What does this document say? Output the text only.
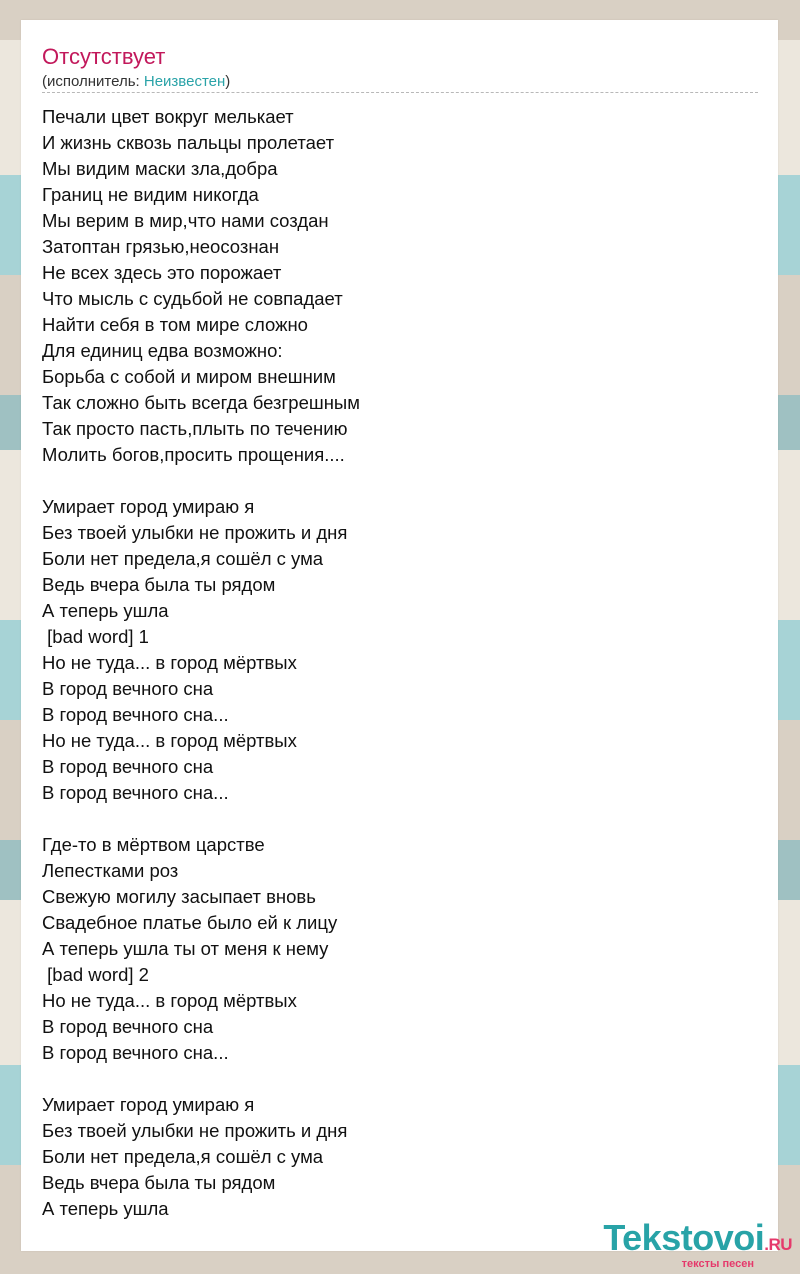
Отсутствует
(исполнитель: Неизвестен)
Печали цвет вокруг мелькает
И жизнь сквозь пальцы пролетает
Мы видим маски зла,добра
Границ не видим никогда
Мы верим в мир,что нами создан
Затоптан грязью,неосознан
Не всех здесь это порожает
Что мысль с судьбой не совпадает
Найти себя в том мире сложно
Для единиц едва возможно:
Борьба с собой и миром внешним
Так сложно быть всегда безгрешным
Так просто пасть,плыть по течению
Молить богов,просить прощения....
Умирает город умираю я
Без твоей улыбки не прожить и дня
Боли нет предела,я сошёл с ума
Ведь вчера была ты рядом
А теперь ушла
[bad word] 1
Но не туда... в город мёртвых
В город вечного сна
В город вечного сна...
Но не туда... в город мёртвых
В город вечного сна
В город вечного сна...
Где-то в мёртвом царстве
Лепестками роз
Свежую могилу засыпает вновь
Свадебное платье было ей к лицу
А теперь ушла ты от меня к нему
[bad word] 2
Но не туда... в город мёртвых
В город вечного сна
В город вечного сна...
Умирает город умираю я
Без твоей улыбки не прожить и дня
Боли нет предела,я сошёл с ума
Ведь вчера была ты рядом
А теперь ушла
Tekstovoi.RU
тексты песен
